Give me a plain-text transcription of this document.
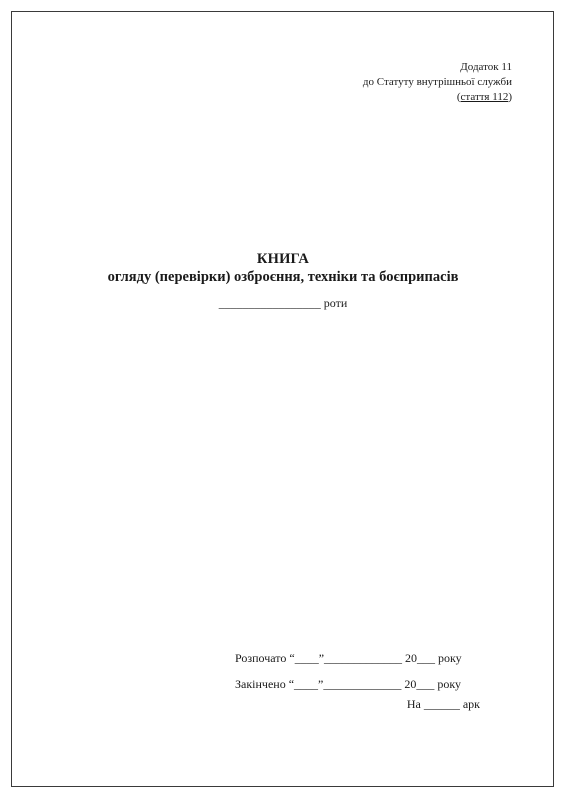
Додаток 11
до Статуту внутрішньої служби
(стаття 112)
КНИГА
огляду (перевірки) озброєння, техніки та боєприпасів
_________________ роти
Розпочато “____”_____________ 20___ року
Закінчено “____”_____________ 20___ року
На ______ арк
